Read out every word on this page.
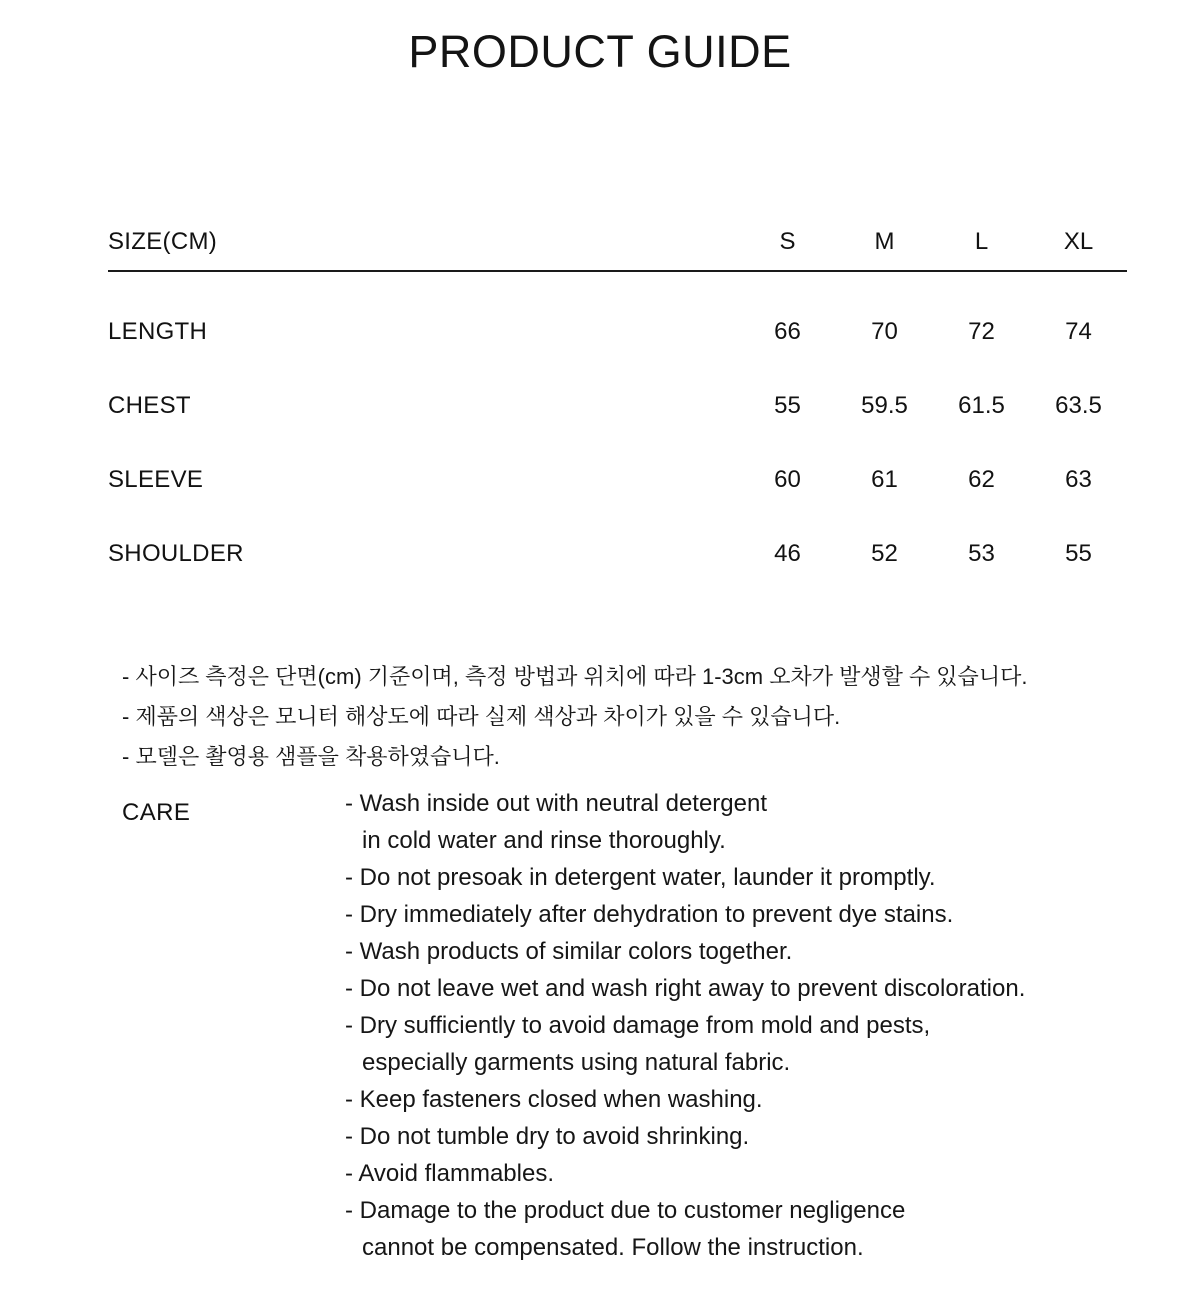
PRODUCT GUIDE
SIZE(CM)	S	M	L	XL
LENGTH	66	70	72	74
CHEST	55	59.5	61.5	63.5
SLEEVE	60	61	62	63
SHOULDER	46	52	53	55

- 사이즈 측정은 단면(cm) 기준이며, 측정 방법과 위치에 따라 1-3cm 오차가 발생할 수 있습니다.

- 제품의 색상은 모니터 해상도에 따라 실제 색상과 차이가 있을 수 있습니다.

- 모델은 촬영용 샘플을 착용하였습니다.

CARE	- Wash inside out with neutral detergent

in cold water and rinse thoroughly.

- Do not presoak in detergent water, launder it promptly.

- Dry immediately after dehydration to prevent dye stains.

- Wash products of similar colors together.

- Do not leave wet and wash right away to prevent discoloration.

- Dry sufficiently to avoid damage from mold and pests,

especially garments using natural fabric.

- Keep fasteners closed when washing.

- Do not tumble dry to avoid shrinking.

- Avoid flammables.

- Damage to the product due to customer negligence

cannot be compensated. Follow the instruction.
